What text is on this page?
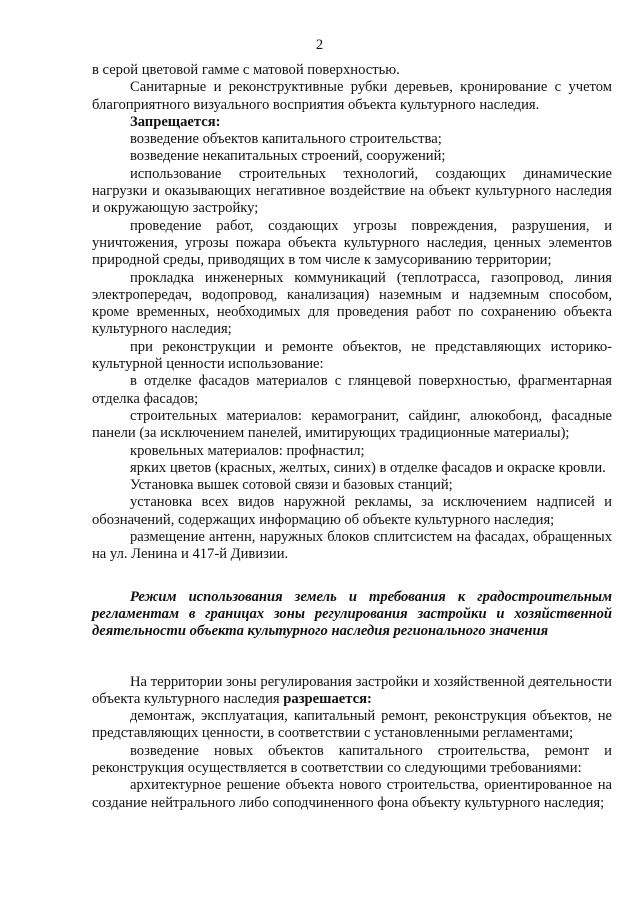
2

в серой цветовой гамме с матовой поверхностью.

Санитарные и реконструктивные рубки деревьев, кронирование с учетом благоприятного визуального восприятия объекта культурного наследия.

Запрещается:

возведение объектов капитального строительства;

возведение некапитальных строений, сооружений;

использование строительных технологий, создающих динамические нагрузки и оказывающих негативное воздействие на объект культурного наследия и окружающую застройку;

проведение работ, создающих угрозы повреждения, разрушения, и уничтожения, угрозы пожара объекта культурного наследия, ценных элементов природной среды, приводящих в том числе к замусориванию территории;

прокладка инженерных коммуникаций (теплотрасса, газопровод, линия электропередач, водопровод, канализация) наземным и надземным способом, кроме временных, необходимых для проведения работ по сохранению объекта культурного наследия;

при реконструкции и ремонте объектов, не представляющих историко-культурной ценности использование:

в отделке фасадов материалов с глянцевой поверхностью, фрагментарная отделка фасадов;

строительных материалов: керамогранит, сайдинг, алюкобонд, фасадные панели (за исключением панелей, имитирующих традиционные материалы);

кровельных материалов: профнастил;

ярких цветов (красных, желтых, синих) в отделке фасадов и окраске кровли.

Установка вышек сотовой связи и базовых станций;

установка всех видов наружной рекламы, за исключением надписей и обозначений, содержащих информацию об объекте культурного наследия;

размещение антенн, наружных блоков сплитсистем на фасадах, обращенных на ул. Ленина и 417-й Дивизии.

Режим использования земель и требования к градостроительным регламентам в границах зоны регулирования застройки и хозяйственной деятельности объекта культурного наследия регионального значения

На территории зоны регулирования застройки и хозяйственной деятельности объекта культурного наследия разрешается:

демонтаж, эксплуатация, капитальный ремонт, реконструкция объектов, не представляющих ценности, в соответствии с установленными регламентами;

возведение новых объектов капитального строительства, ремонт и реконструкция осуществляется в соответствии со следующими требованиями:

архитектурное решение объекта нового строительства, ориентированное на создание нейтрального либо соподчиненного фона объекту культурного наследия;
